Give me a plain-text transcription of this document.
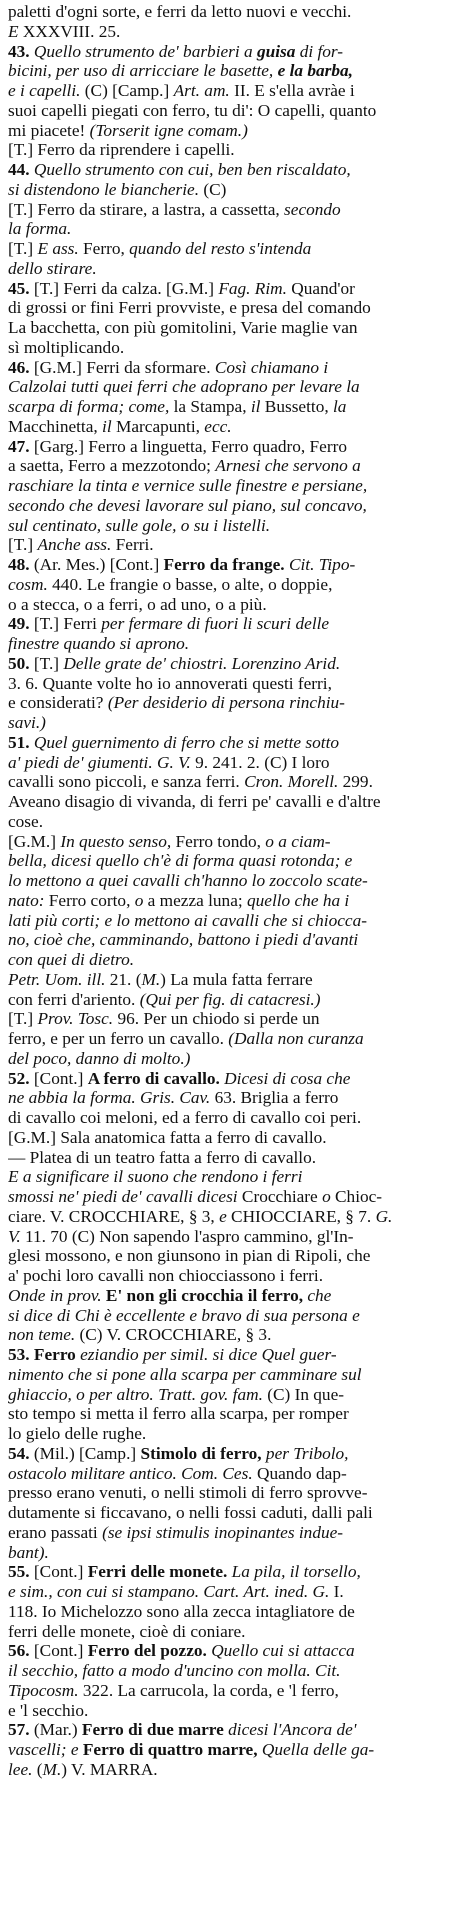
paletti d'ogni sorte, e ferri da letto nuovi e vecchi.
E XXXVIII. 25.
43. Quello strumento de' barbieri a guisa di for-
bicini, per uso di arricciare le basette, e la barba,
e i capelli. (C) [Camp.] Art. am. II. E s'ella avràe i
suoi capelli piegati con ferro, tu di': O capelli, quanto
mi piacete! (Torserit igne comam.)
[T.] Ferro da riprendere i capelli.
44. Quello strumento con cui, ben ben riscaldato,
si distendono le biancherie. (C)
[T.] Ferro da stirare, a lastra, a cassetta, secondo
la forma.
[T.] E ass. Ferro, quando del resto s'intenda
dello stirare.
45. [T.] Ferri da calza. [G.M.] Fag. Rim. Quand'or
di grossi or fini Ferri provviste, e presa del comando
La bacchetta, con più gomitolini, Varie maglie van
sì moltiplicando.
46. [G.M.] Ferri da sformare. Così chiamano i
Calzolai tutti quei ferri che adoprano per levare la
scarpa di forma; come, la Stampa, il Bussetto, la
Macchinetta, il Marcapunti, ecc.
47. [Garg.] Ferro a linguetta, Ferro quadro, Ferro
a saetta, Ferro a mezzotondo; Arnesi che servono a
raschiare la tinta e vernice sulle finestre e persiane,
secondo che devesi lavorare sul piano, sul concavo,
sul centinato, sulle gole, o su i listelli.
[T.] Anche ass. Ferri.
48. (Ar. Mes.) [Cont.] Ferro da frange. Cit. Tipo-
cosm. 440. Le frangie o basse, o alte, o doppie,
o a stecca, o a ferri, o ad uno, o a più.
49. [T.] Ferri per fermare di fuori li scuri delle
finestre quando si aprono.
50. [T.] Delle grate de' chiostri. Lorenzino Arid.
3. 6. Quante volte ho io annoverati questi ferri,
e considerati? (Per desiderio di persona rinchiu-
savi.)
51. Quel guernimento di ferro che si mette sotto
a' piedi de' giumenti. G. V. 9. 241. 2. (C) I loro
cavalli sono piccoli, e sanza ferri. Cron. Morell. 299.
Aveano disagio di vivanda, di ferri pe' cavalli e d'altre
cose.
[G.M.] In questo senso, Ferro tondo, o a ciam-
bella, dicesi quello ch'è di forma quasi rotonda; e
lo mettono a quei cavalli ch'hanno lo zoccolo scate-
nato: Ferro corto, o a mezza luna; quello che ha i
lati più corti; e lo mettono ai cavalli che si chiocca-
no, cioè che, camminando, battono i piedi d'avanti
con quei di dietro.
Petr. Uom. ill. 21. (M.) La mula fatta ferrare
con ferri d'ariento. (Qui per fig. di catacresi.)
[T.] Prov. Tosc. 96. Per un chiodo si perde un
ferro, e per un ferro un cavallo. (Dalla non curanza
del poco, danno di molto.)
52. [Cont.] A ferro di cavallo. Dicesi di cosa che
ne abbia la forma. Gris. Cav. 63. Briglia a ferro
di cavallo coi meloni, ed a ferro di cavallo coi peri.
[G.M.] Sala anatomica fatta a ferro di cavallo.
— Platea di un teatro fatta a ferro di cavallo.
E a significare il suono che rendono i ferri
smossi ne' piedi de' cavalli dicesi Crocchiare o Chioc-
ciare. V. CROCCHIARE, § 3, e CHIOCCIARE, § 7. G.
V. 11. 70 (C) Non sapendo l'aspro cammino, gl'In-
glesi mossono, e non giunsono in pian di Ripoli, che
a' pochi loro cavalli non chiocciassono i ferri.
Onde in prov. E' non gli crocchia il ferro, che
si dice di Chi è eccellente e bravo di sua persona e
non teme. (C) V. CROCCHIARE, § 3.
53. Ferro eziandio per simil. si dice Quel guer-
nimento che si pone alla scarpa per camminare sul
ghiaccio, o per altro. Tratt. gov. fam. (C) In que-
sto tempo si metta il ferro alla scarpa, per romper
lo gielo delle rughe.
54. (Mil.) [Camp.] Stimolo di ferro, per Tribolo,
ostacolo militare antico. Com. Ces. Quando dap-
presso erano venuti, o nelli stimoli di ferro sprovve-
dutamente si ficcavano, o nelli fossi caduti, dalli pali
erano passati (se ipsi stimulis inopinantes indue-
bant).
55. [Cont.] Ferri delle monete. La pila, il torsello,
e sim., con cui si stampano. Cart. Art. ined. G. I.
118. Io Michelozzo sono alla zecca intagliatore de
ferri delle monete, cioè di coniare.
56. [Cont.] Ferro del pozzo. Quello cui si attacca
il secchio, fatto a modo d'uncino con molla. Cit.
Tipocosm. 322. La carrucola, la corda, e 'l ferro,
e 'l secchio.
57. (Mar.) Ferro di due marre dicesi l'Ancora de'
vascelli; e Ferro di quattro marre, Quella delle ga-
lee. (M.) V. MARRA.
